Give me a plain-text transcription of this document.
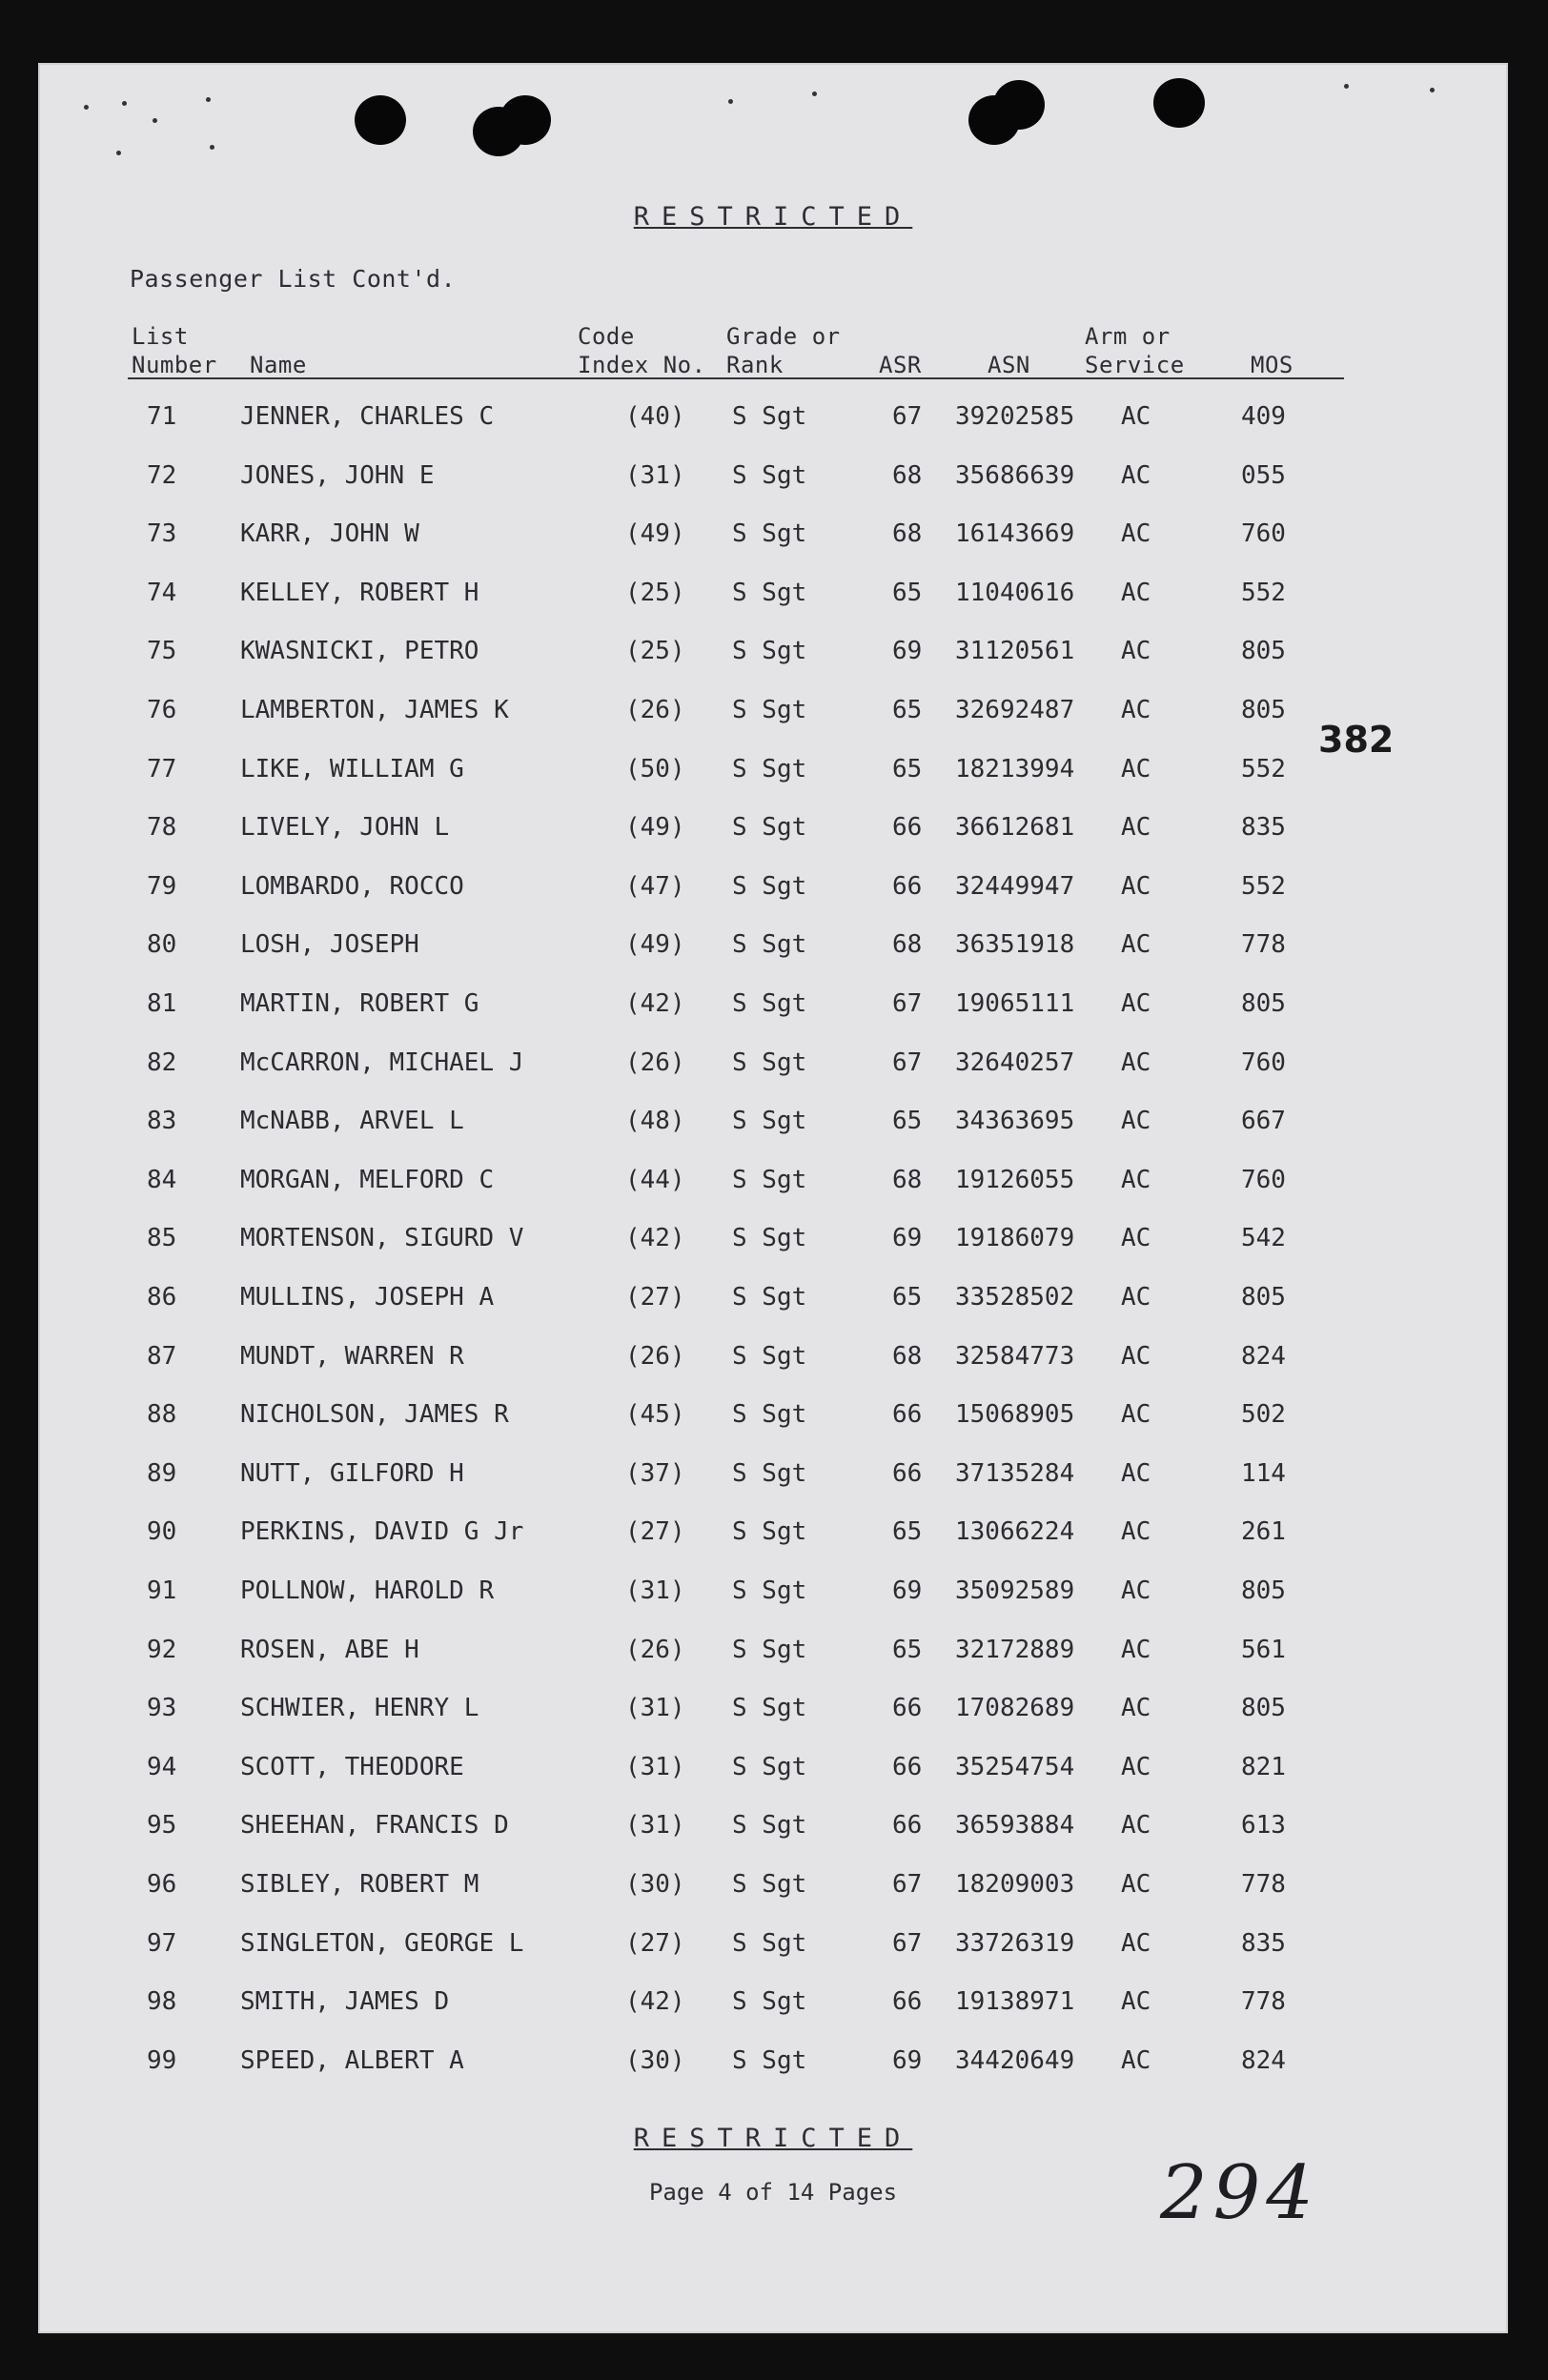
RESTRICTED
Passenger List Cont'd.
List
Number Name
Code
Index No.
Grade or
Rank	ASR	ASN
Arm or
Service	MOS
71	JENNER, CHARLES C	(40) S Sgt	67 39202585 AC	409
72	JONES, JOHN E	(31) S Sgt	68 35686639 AC	055
73	KARR, JOHN W	(49) S Sgt	68 16143669 AC	760
74	KELLEY, ROBERT H	(25) S Sgt	65 11040616 AC	552
75	KWASNICKI, PETRO	(25) S Sgt	69 31120561 AC	805
76	LAMBERTON, JAMES K	(26) S Sgt	65 32692487 AC	805
77	LIKE, WILLIAM G	(50) S Sgt	65 18213994 AC	552
78	LIVELY, JOHN L	(49) S Sgt	66 36612681 AC	835
79	LOMBARDO, ROCCO	(47) S Sgt	66 32449947 AC	552
80	LOSH, JOSEPH	(49) S Sgt	68 36351918 AC	778
81	MARTIN, ROBERT G	(42) S Sgt	67 19065111 AC	805
82	McCARRON, MICHAEL J	(26) S Sgt	67 32640257 AC	760
83	McNABB, ARVEL L	(48) S Sgt	65 34363695 AC	667
84	MORGAN, MELFORD C	(44) S Sgt	68 19126055 AC	760
85	MORTENSON, SIGURD V	(42) S Sgt	69 19186079 AC	542
86	MULLINS, JOSEPH A	(27) S Sgt	65 33528502 AC	805
87	MUNDT, WARREN R	(26) S Sgt	68 32584773 AC	824
88	NICHOLSON, JAMES R	(45) S Sgt	66 15068905 AC	502
89	NUTT, GILFORD H	(37) S Sgt	66 37135284 AC	114
90	PERKINS, DAVID G Jr	(27) S Sgt	65 13066224 AC	261
91	POLLNOW, HAROLD R	(31) S Sgt	69 35092589 AC	805
92	ROSEN, ABE H	(26) S Sgt	65 32172889 AC	561
93	SCHWIER, HENRY L	(31) S Sgt	66 17082689 AC	805
94	SCOTT, THEODORE	(31) S Sgt	66 35254754 AC	821
95	SHEEHAN, FRANCIS D	(31) S Sgt	66 36593884 AC	613
96	SIBLEY, ROBERT M	(30) S Sgt	67 18209003 AC	778
97	SINGLETON, GEORGE L	(27) S Sgt	67 33726319 AC	835
98	SMITH, JAMES D	(42) S Sgt	66 19138971 AC	778
99	SPEED, ALBERT A	(30) S Sgt	69 34420649 AC	824
RESTRICTED
Page 4 of 14 Pages
382
294
